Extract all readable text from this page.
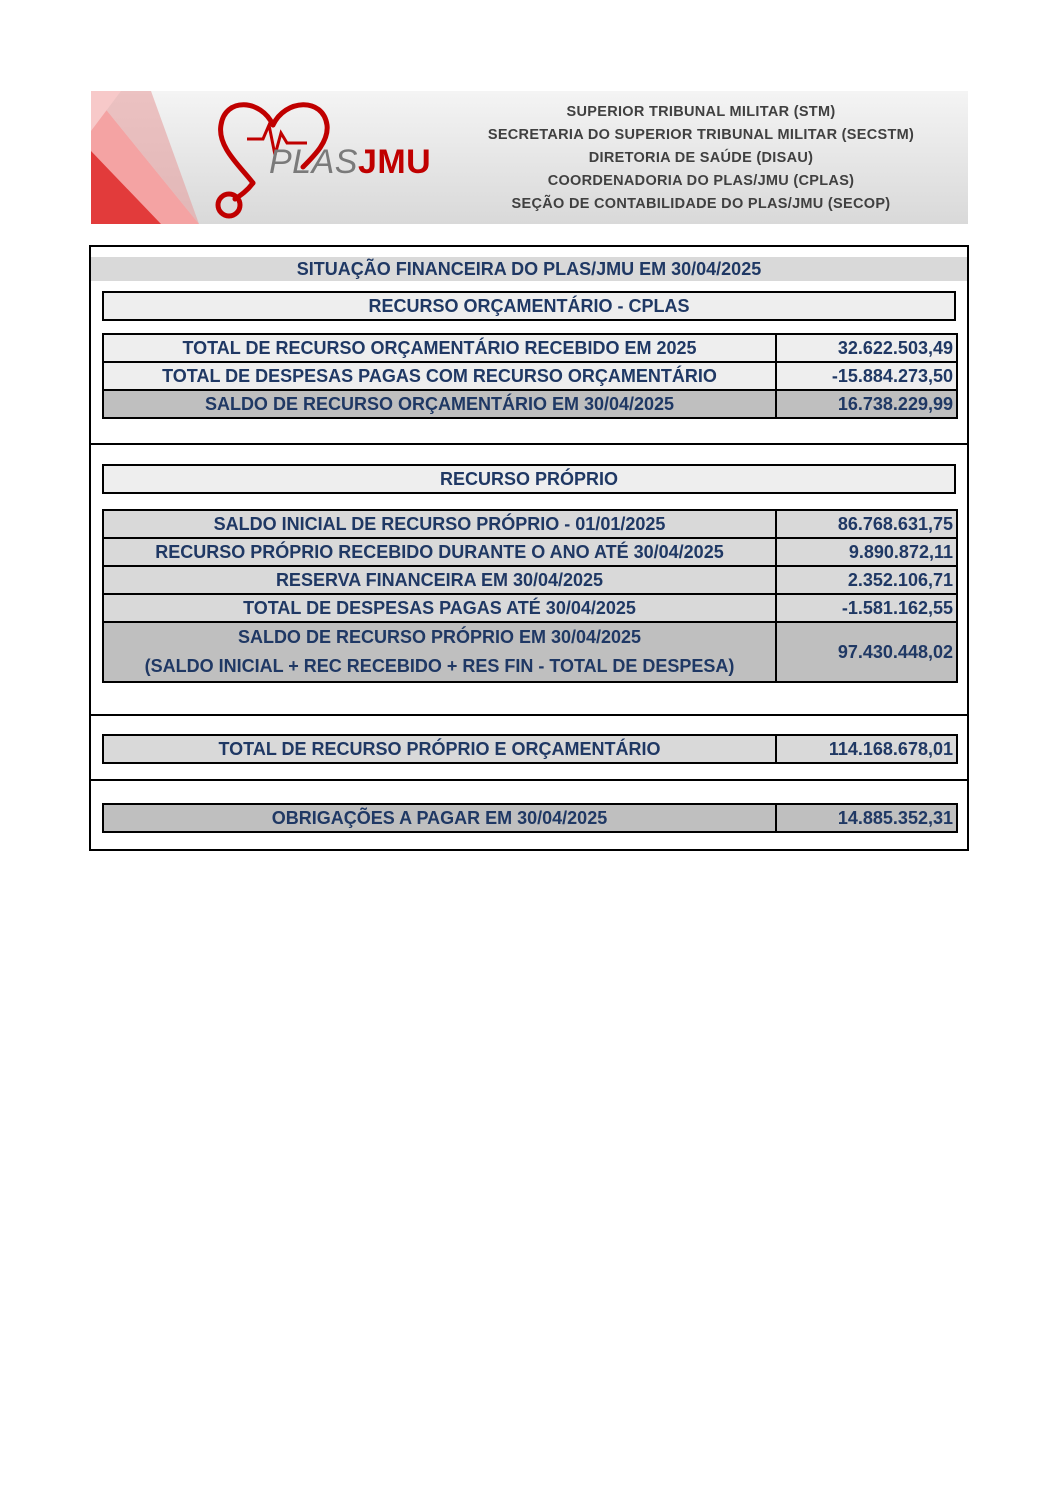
PLASJMU
SUPERIOR TRIBUNAL MILITAR (STM)
SECRETARIA DO SUPERIOR TRIBUNAL MILITAR (SECSTM)
DIRETORIA DE SAÚDE (DISAU)
COORDENADORIA DO PLAS/JMU (CPLAS)
SEÇÃO DE CONTABILIDADE DO PLAS/JMU (SECOP)
SITUAÇÃO FINANCEIRA DO PLAS/JMU EM 30/04/2025
RECURSO ORÇAMENTÁRIO - CPLAS
TOTAL DE RECURSO ORÇAMENTÁRIO RECEBIDO EM 2025	32.622.503,49
TOTAL DE DESPESAS PAGAS COM RECURSO ORÇAMENTÁRIO	-15.884.273,50
SALDO DE RECURSO ORÇAMENTÁRIO EM 30/04/2025	16.738.229,99
RECURSO PRÓPRIO
SALDO INICIAL DE RECURSO PRÓPRIO - 01/01/2025	86.768.631,75
RECURSO PRÓPRIO RECEBIDO DURANTE O ANO ATÉ 30/04/2025	9.890.872,11
RESERVA FINANCEIRA EM 30/04/2025	2.352.106,71
TOTAL DE DESPESAS PAGAS ATÉ 30/04/2025	-1.581.162,55

SALDO DE RECURSO PRÓPRIO EM 30/04/2025
(SALDO INICIAL + REC RECEBIDO + RES FIN - TOTAL DE DESPESA)	97.430.448,02
TOTAL DE RECURSO PRÓPRIO E ORÇAMENTÁRIO	114.168.678,01
OBRIGAÇÕES A PAGAR EM 30/04/2025	14.885.352,31
